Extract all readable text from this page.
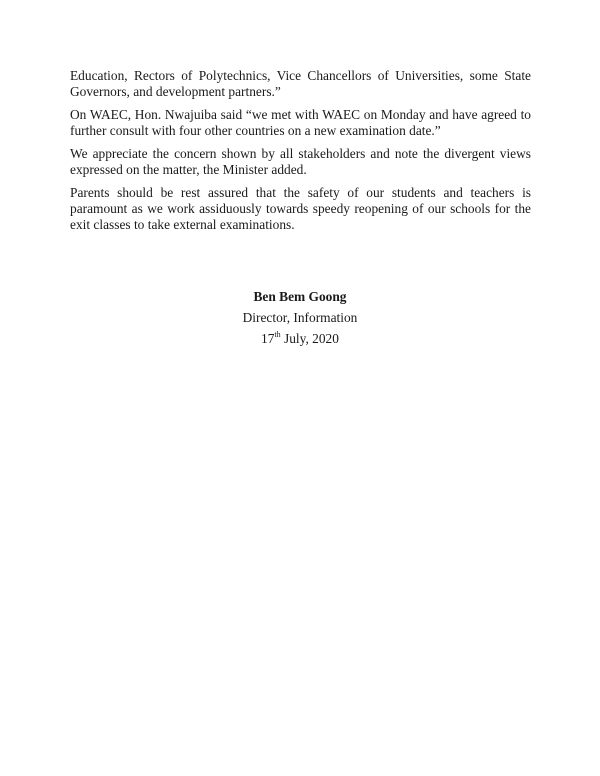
Education, Rectors of Polytechnics, Vice Chancellors of Universities, some State Governors, and development partners.”

On WAEC, Hon. Nwajuiba said “we met with WAEC on Monday and have agreed to further consult with four other countries on a new examination date.”

We appreciate the concern shown by all stakeholders and note the divergent views expressed on the matter, the Minister added.

Parents should be rest assured that the safety of our students and teachers is paramount as we work assiduously towards speedy reopening of our schools for the exit classes to take external examinations.

Ben Bem Goong
Director, Information
17th July, 2020
